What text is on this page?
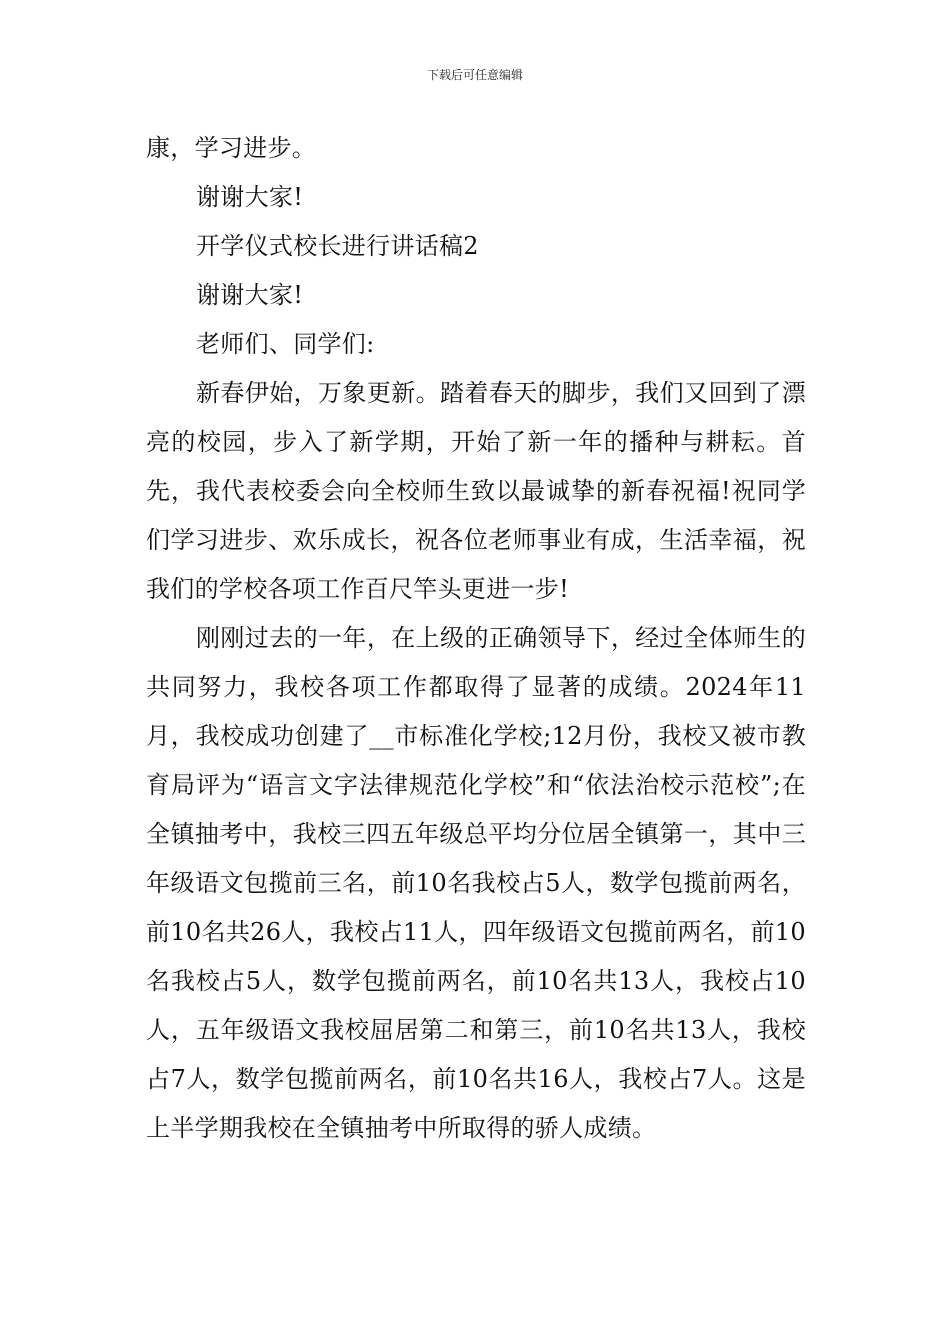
下载后可任意编辑

康，学习进步。

谢谢大家!

开学仪式校长进行讲话稿2

谢谢大家!

老师们、同学们:

新春伊始，万象更新。踏着春天的脚步，我们又回到了漂亮的校园，步入了新学期，开始了新一年的播种与耕耘。首先，我代表校委会向全校师生致以最诚挚的新春祝福!祝同学们学习进步、欢乐成长，祝各位老师事业有成，生活幸福，祝我们的学校各项工作百尺竿头更进一步!

刚刚过去的一年，在上级的正确领导下，经过全体师生的共同努力，我校各项工作都取得了显著的成绩。2024年11月，我校成功创建了__市标准化学校;12月份，我校又被市教育局评为“语言文字法律规范化学校”和“依法治校示范校”;在全镇抽考中，我校三四五年级总平均分位居全镇第一，其中三年级语文包揽前三名，前10名我校占5人，数学包揽前两名，前10名共26人，我校占11人，四年级语文包揽前两名，前10名我校占5人，数学包揽前两名，前10名共13人，我校占10人，五年级语文我校屈居第二和第三，前10名共13人，我校占7人，数学包揽前两名，前10名共16人，我校占7人。这是上半学期我校在全镇抽考中所取得的骄人成绩。
